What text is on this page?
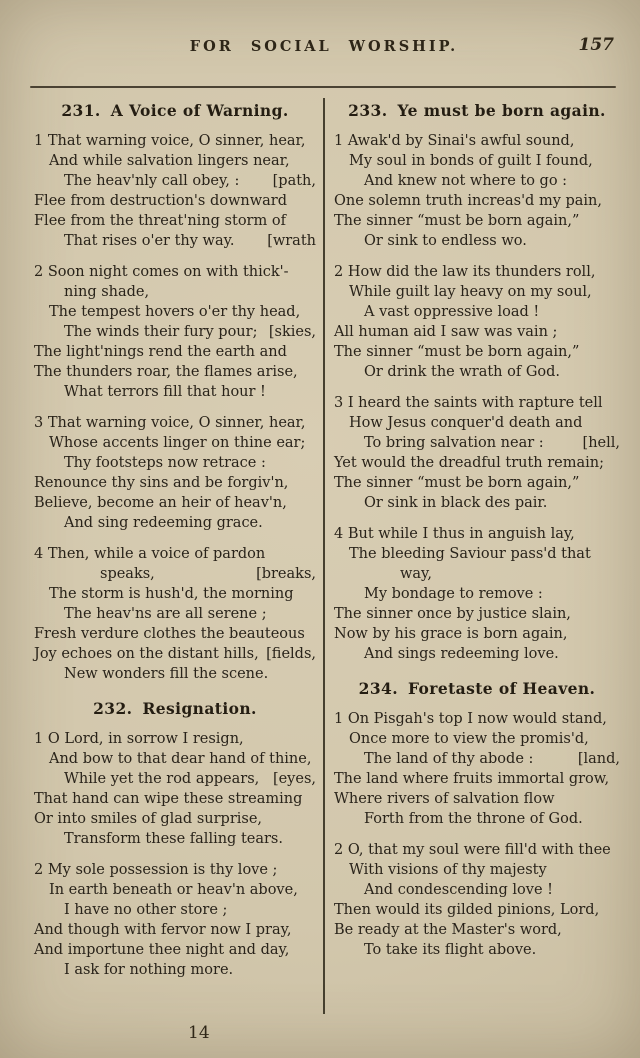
FOR SOCIAL WORSHIP.	157
231. A Voice of Warning.
1 That warning voice, O sinner, hear,
And while salvation lingers near,
The heav'nly call obey, : [path,
Flee from destruction's downward
Flee from the threat'ning storm of
That rises o'er thy way. [wrath
2 Soon night comes on with thick'-
ning shade,
The tempest hovers o'er thy head,
The winds their fury pour; [skies,
The light'nings rend the earth and
The thunders roar, the flames arise,
What terrors fill that hour !
3 That warning voice, O sinner, hear,
Whose accents linger on thine ear;
Thy footsteps now retrace :
Renounce thy sins and be forgiv'n,
Believe, become an heir of heav'n,
And sing redeeming grace.
4 Then, while a voice of pardon
speaks,	[breaks,
The storm is hush'd, the morning
The heav'ns are all serene ;
Fresh verdure clothes the beauteous
Joy echoes on the distant hills, [fields,
New wonders fill the scene.
232. Resignation.
1 O Lord, in sorrow I resign,
And bow to that dear hand of thine,
While yet the rod appears, [eyes,
That hand can wipe these streaming
Or into smiles of glad surprise,
Transform these falling tears.
2 My sole possession is thy love ;
In earth beneath or heav'n above,
I have no other store ;
And though with fervor now I pray,
And importune thee night and day,
I ask for nothing more.
233. Ye must be born again.
1 Awak'd by Sinai's awful sound,
My soul in bonds of guilt I found,
And knew not where to go :
One solemn truth increas'd my pain,
The sinner “must be born again,”
Or sink to endless wo.
2 How did the law its thunders roll,
While guilt lay heavy on my soul,
A vast oppressive load !
All human aid I saw was vain ;
The sinner “must be born again,”
Or drink the wrath of God.
3 I heard the saints with rapture tell
How Jesus conquer'd death and
To bring salvation near :	[hell,
Yet would the dreadful truth remain;
The sinner “must be born again,”
Or sink in black des pair.
4 But while I thus in anguish lay,
The bleeding Saviour pass'd that
way,
My bondage to remove :
The sinner once by justice slain,
Now by his grace is born again,
And sings redeeming love.
234. Foretaste of Heaven.
1 On Pisgah's top I now would stand,
Once more to view the promis'd,
The land of thy abode :	[land,
The land where fruits immortal grow,
Where rivers of salvation flow
Forth from the throne of God.
2 O, that my soul were fill'd with thee
With visions of thy majesty
And condescending love !
Then would its gilded pinions, Lord,
Be ready at the Master's word,
To take its flight above.
14
